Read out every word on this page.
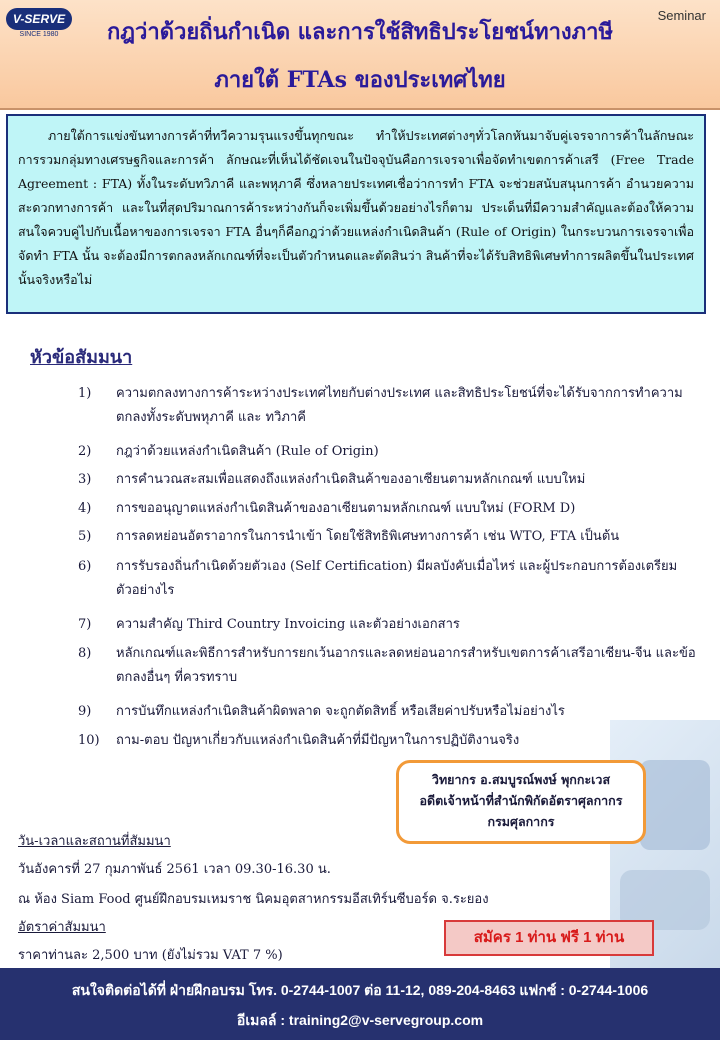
V-SERVE
SINCE 1980
Seminar
กฎว่าด้วยถิ่นกำเนิด และการใช้สิทธิประโยชน์ทางภาษี
ภายใต้ FTAs ของประเทศไทย
ภายใต้การแข่งขันทางการค้าที่ทวีความรุนแรงขึ้นทุกขณะ ทำให้ประเทศต่างๆทั่วโลกหันมาจับคู่เจรจาการค้าในลักษณะการรวมกลุ่มทางเศรษฐกิจและการค้า ลักษณะที่เห็นได้ชัดเจนในปัจจุบันคือการเจรจาเพื่อจัดทำเขตการค้าเสรี (Free Trade Agreement : FTA) ทั้งในระดับทวิภาคี และพหุภาคี ซึ่งหลายประเทศเชื่อว่าการทำ FTA จะช่วยสนับสนุนการค้า อำนวยความสะดวกทางการค้า และในที่สุดปริมาณการค้าระหว่างกันก็จะเพิ่มขึ้นด้วยอย่างไรก็ตาม ประเด็นที่มีความสำคัญและต้องให้ความสนใจควบคู่ไปกับเนื้อหาของการเจรจา FTA อื่นๆก็คือกฎว่าด้วยแหล่งกำเนิดสินค้า (Rule of Origin) ในกระบวนการเจรจาเพื่อจัดทำ FTA นั้น จะต้องมีการตกลงหลักเกณฑ์ที่จะเป็นตัวกำหนดและตัดสินว่า สินค้าที่จะได้รับสิทธิพิเศษทำการผลิตขึ้นในประเทศนั้นจริงหรือไม่
หัวข้อสัมมนา
1)	ความตกลงทางการค้าระหว่างประเทศไทยกับต่างประเทศ และสิทธิประโยชน์ที่จะได้รับจากการทำความตกลงทั้งระดับพหุภาคี และ ทวิภาคี
2)	กฎว่าด้วยแหล่งกำเนิดสินค้า (Rule of Origin)
3)	การคำนวณสะสมเพื่อแสดงถึงแหล่งกำเนิดสินค้าของอาเซียนตามหลักเกณฑ์ แบบใหม่
4)	การขออนุญาตแหล่งกำเนิดสินค้าของอาเซียนตามหลักเกณฑ์ แบบใหม่ (FORM D)
5)	การลดหย่อนอัตราอากรในการนำเข้า โดยใช้สิทธิพิเศษทางการค้า เช่น WTO, FTA เป็นต้น
6)	การรับรองถิ่นกำเนิดด้วยตัวเอง (Self Certification) มีผลบังคับเมื่อไหร่ และผู้ประกอบการต้องเตรียมตัวอย่างไร
7)	ความสำคัญ Third Country Invoicing และตัวอย่างเอกสาร
8)	หลักเกณฑ์และพิธีการสำหรับการยกเว้นอากรและลดหย่อนอากรสำหรับเขตการค้าเสรีอาเซียน-จีน และข้อตกลงอื่นๆ ที่ควรทราบ
9)	การบันทึกแหล่งกำเนิดสินค้าผิดพลาด จะถูกตัดสิทธิ์ หรือเสียค่าปรับหรือไม่อย่างไร
10)	ถาม-ตอบ ปัญหาเกี่ยวกับแหล่งกำเนิดสินค้าที่มีปัญหาในการปฏิบัติงานจริง
วิทยากร อ.สมบูรณ์พงษ์ พุกกะเวส
อดีตเจ้าหน้าที่สำนักพิกัดอัตราศุลกากร
กรมศุลกากร
วัน-เวลาและสถานที่สัมมนา
วันอังคารที่ 27 กุมภาพันธ์ 2561 เวลา 09.30-16.30 น.
ณ ห้อง Siam Food ศูนย์ฝึกอบรมเหมราช นิคมอุตสาหกรรมอีสเทิร์นซีบอร์ด จ.ระยอง
อัตราค่าสัมมนา
ราคาท่านละ 2,500 บาท (ยังไม่รวม VAT 7 %)
สมัคร 1 ท่าน ฟรี 1 ท่าน
สนใจติดต่อได้ที่ ฝ่ายฝึกอบรม โทร. 0-2744-1007 ต่อ 11-12, 089-204-8463 แฟกซ์ : 0-2744-1006
อีเมลล์ : training2@v-servegroup.com
